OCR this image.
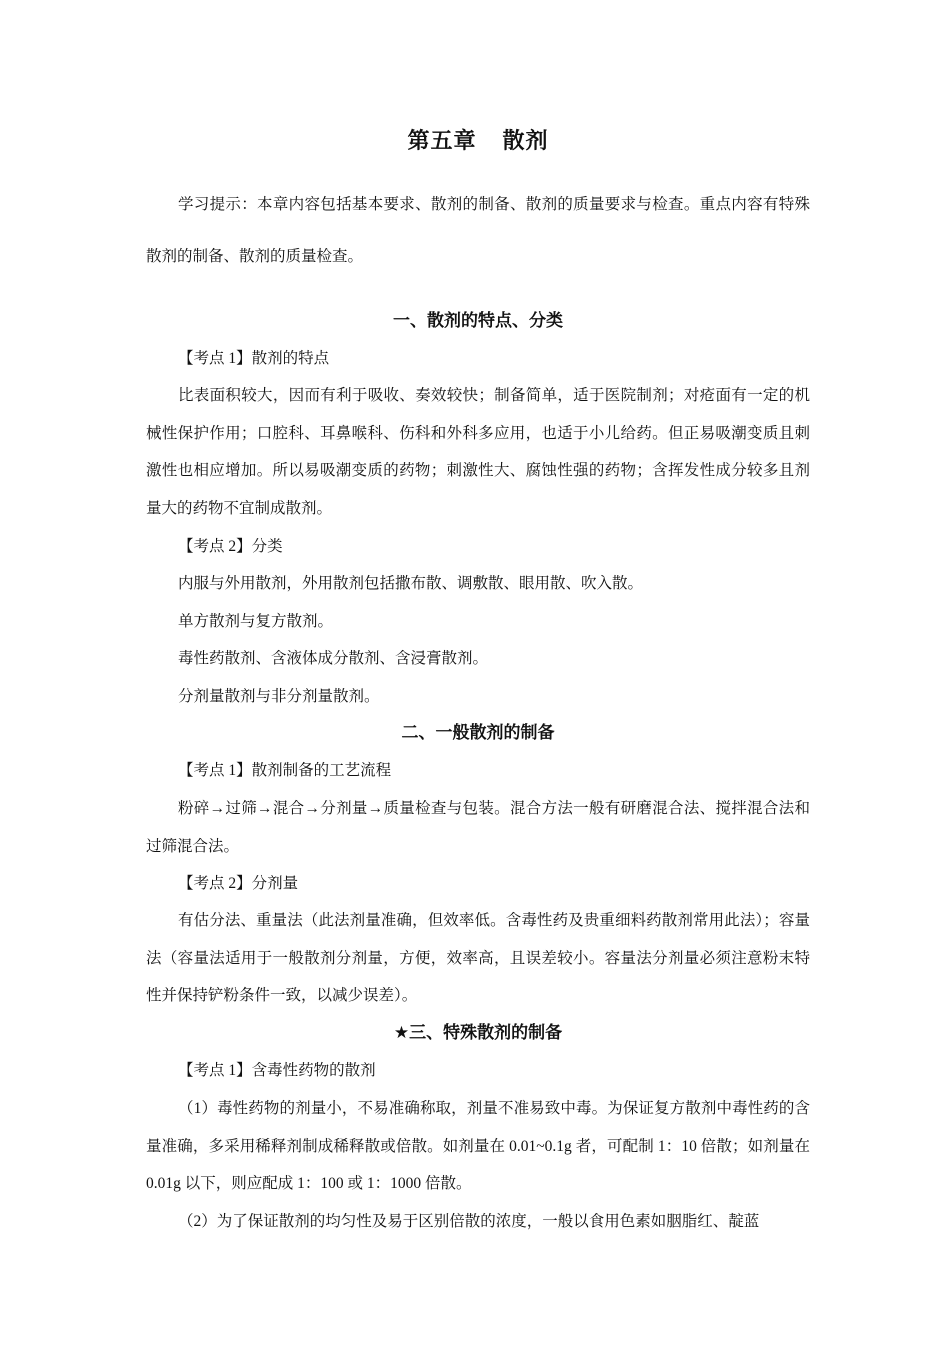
第五章   散剂
学习提示：本章内容包括基本要求、散剂的制备、散剂的质量要求与检查。重点内容有特殊散剂的制备、散剂的质量检查。
一、散剂的特点、分类
【考点 1】散剂的特点
比表面积较大，因而有利于吸收、奏效较快；制备简单，适于医院制剂；对疮面有一定的机械性保护作用；口腔科、耳鼻喉科、伤科和外科多应用，也适于小儿给药。但正易吸潮变质且刺激性也相应增加。所以易吸潮变质的药物；刺激性大、腐蚀性强的药物；含挥发性成分较多且剂量大的药物不宜制成散剂。
【考点 2】分类
内服与外用散剂，外用散剂包括撒布散、调敷散、眼用散、吹入散。
单方散剂与复方散剂。
毒性药散剂、含液体成分散剂、含浸膏散剂。
分剂量散剂与非分剂量散剂。
二、一般散剂的制备
【考点 1】散剂制备的工艺流程
粉碎→过筛→混合→分剂量→质量检查与包装。混合方法一般有研磨混合法、搅拌混合法和过筛混合法。
【考点 2】分剂量
有估分法、重量法（此法剂量准确，但效率低。含毒性药及贵重细料药散剂常用此法）；容量法（容量法适用于一般散剂分剂量，方便，效率高，且误差较小。容量法分剂量必须注意粉末特性并保持铲粉条件一致，以减少误差）。
★三、特殊散剂的制备
【考点 1】含毒性药物的散剂
（1）毒性药物的剂量小，不易准确称取，剂量不准易致中毒。为保证复方散剂中毒性药的含量准确，多采用稀释剂制成稀释散或倍散。如剂量在 0.01~0.1g 者，可配制 1：10 倍散；如剂量在 0.01g 以下，则应配成 1：100 或 1：1000 倍散。
（2）为了保证散剂的均匀性及易于区别倍散的浓度，一般以食用色素如胭脂红、靛蓝
